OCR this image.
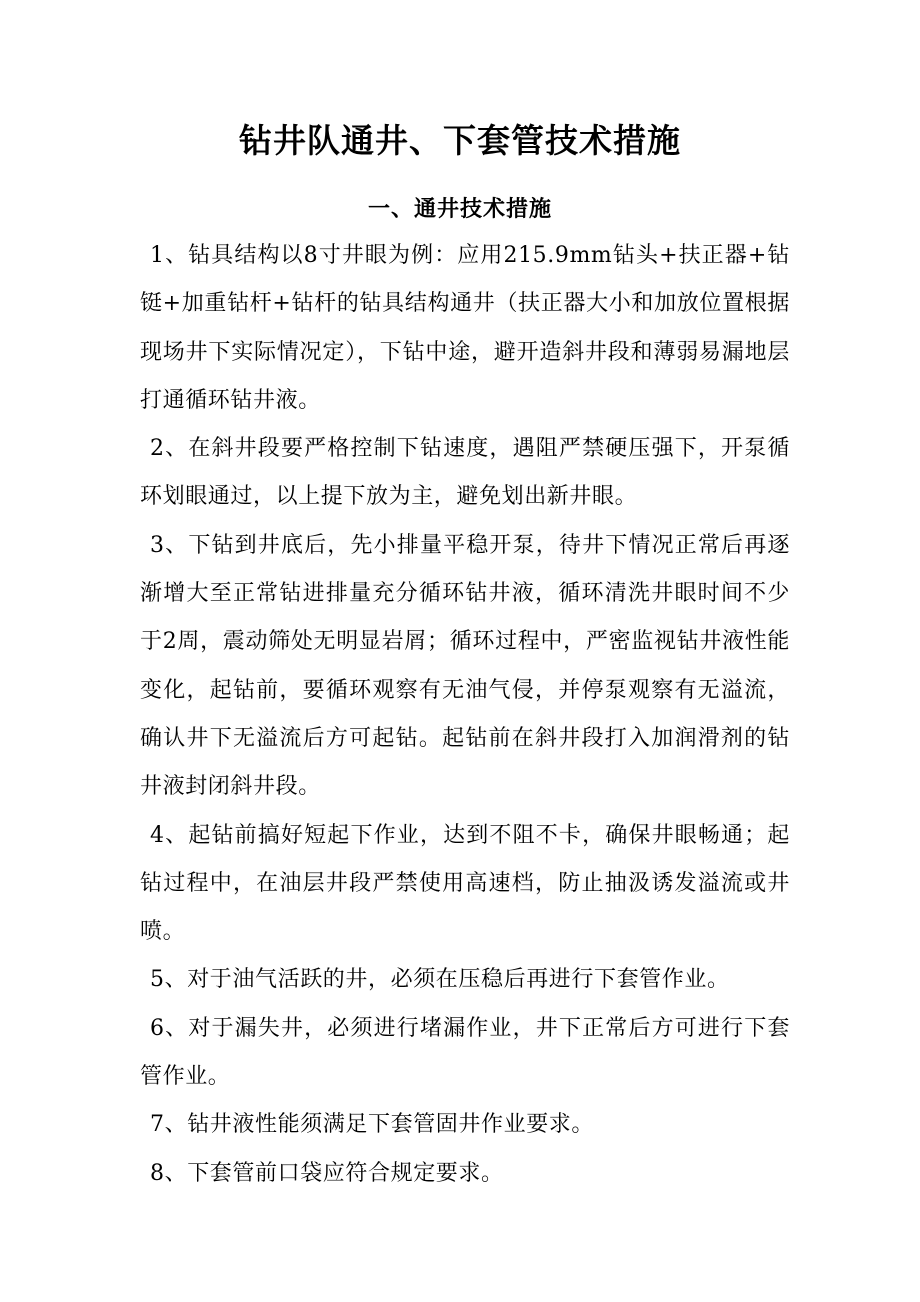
钻井队通井、下套管技术措施
一、通井技术措施

1、钻具结构以8寸井眼为例：应用215.9mm钻头+扶正器+钻铤+加重钻杆+钻杆的钻具结构通井（扶正器大小和加放位置根据现场井下实际情况定），下钻中途，避开造斜井段和薄弱易漏地层打通循环钻井液。

2、在斜井段要严格控制下钻速度，遇阻严禁硬压强下，开泵循环划眼通过，以上提下放为主，避免划出新井眼。

3、下钻到井底后，先小排量平稳开泵，待井下情况正常后再逐渐增大至正常钻进排量充分循环钻井液，循环清洗井眼时间不少于2周，震动筛处无明显岩屑；循环过程中，严密监视钻井液性能变化，起钻前，要循环观察有无油气侵，并停泵观察有无溢流，确认井下无溢流后方可起钻。起钻前在斜井段打入加润滑剂的钻井液封闭斜井段。

4、起钻前搞好短起下作业，达到不阻不卡，确保井眼畅通；起钻过程中，在油层井段严禁使用高速档，防止抽汲诱发溢流或井喷。

5、对于油气活跃的井，必须在压稳后再进行下套管作业。

6、对于漏失井，必须进行堵漏作业，井下正常后方可进行下套管作业。

7、钻井液性能须满足下套管固井作业要求。

8、下套管前口袋应符合规定要求。
